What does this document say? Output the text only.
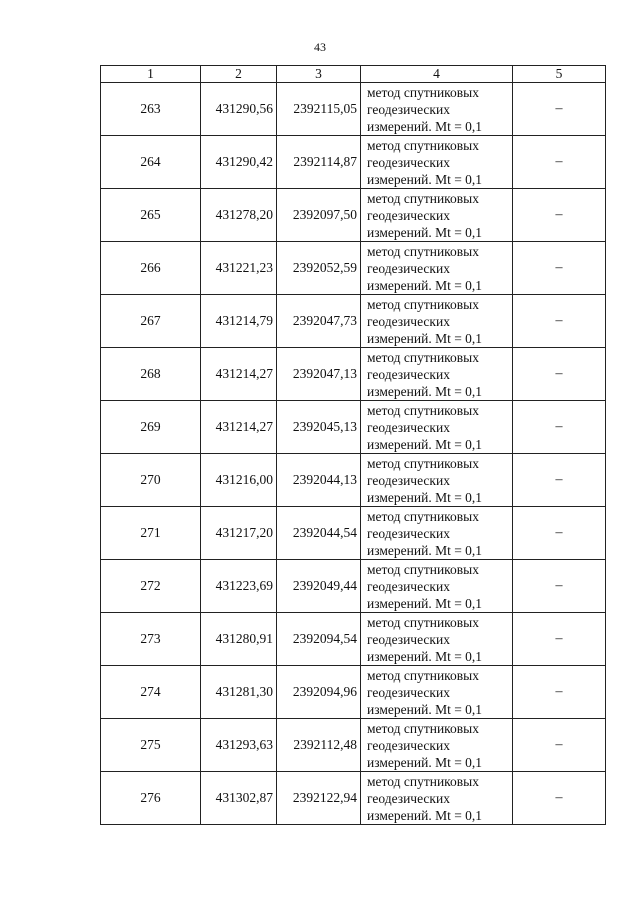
43
1	2	3	4	5
263	431290,56	2392115,05	метод спутниковых геодезических измерений. Mt = 0,1	–
264	431290,42	2392114,87	метод спутниковых геодезических измерений. Mt = 0,1	–
265	431278,20	2392097,50	метод спутниковых геодезических измерений. Mt = 0,1	–
266	431221,23	2392052,59	метод спутниковых геодезических измерений. Mt = 0,1	–
267	431214,79	2392047,73	метод спутниковых геодезических измерений. Mt = 0,1	–
268	431214,27	2392047,13	метод спутниковых геодезических измерений. Mt = 0,1	–
269	431214,27	2392045,13	метод спутниковых геодезических измерений. Mt = 0,1	–
270	431216,00	2392044,13	метод спутниковых геодезических измерений. Mt = 0,1	–
271	431217,20	2392044,54	метод спутниковых геодезических измерений. Mt = 0,1	–
272	431223,69	2392049,44	метод спутниковых геодезических измерений. Mt = 0,1	–
273	431280,91	2392094,54	метод спутниковых геодезических измерений. Mt = 0,1	–
274	431281,30	2392094,96	метод спутниковых геодезических измерений. Mt = 0,1	–
275	431293,63	2392112,48	метод спутниковых геодезических измерений. Mt = 0,1	–
276	431302,87	2392122,94	метод спутниковых геодезических измерений. Mt = 0,1	–
